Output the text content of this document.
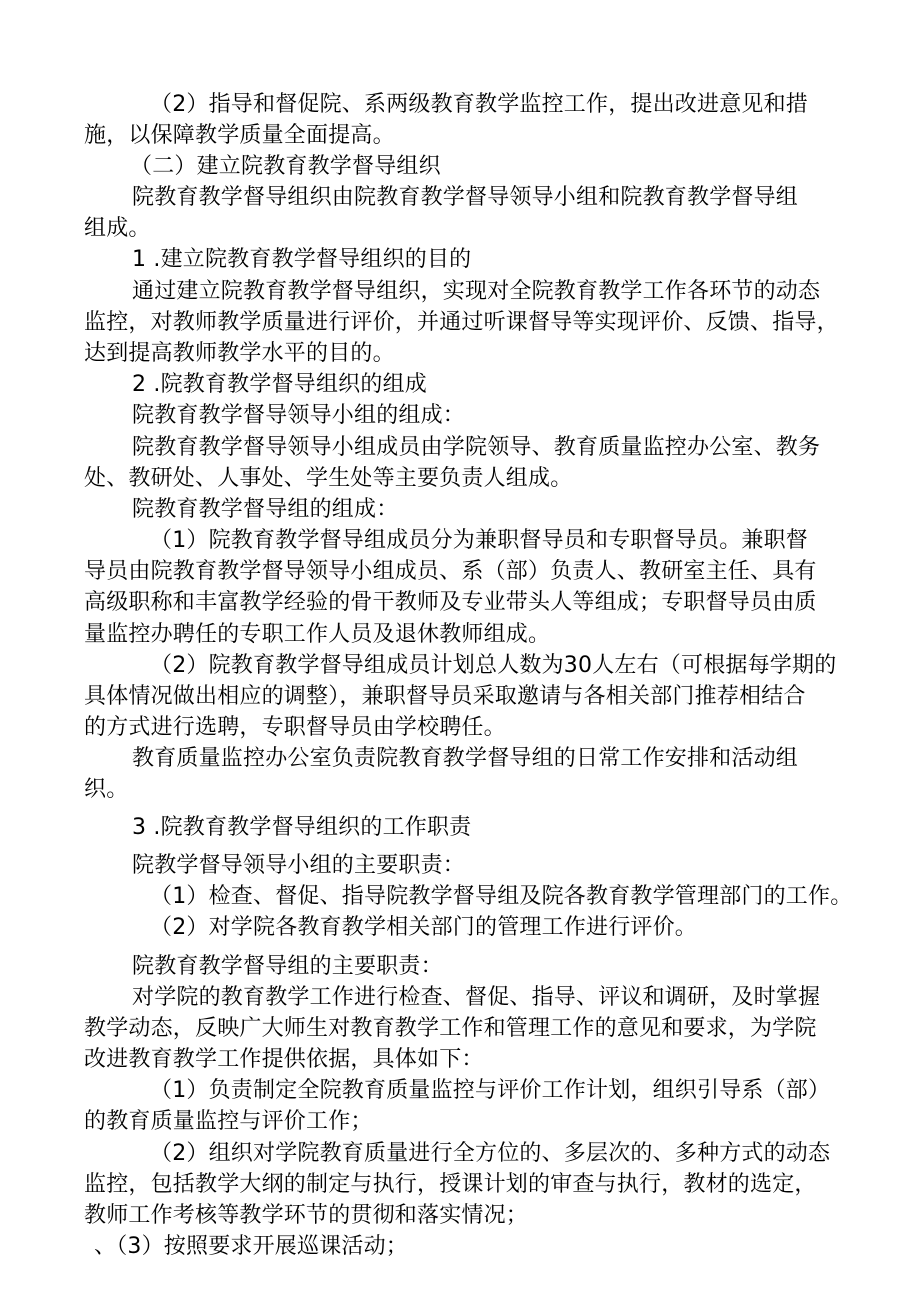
（2）指导和督促院、系两级教育教学监控工作，提出改进意见和措
施，以保障教学质量全面提高。
（二）建立院教育教学督导组织
院教育教学督导组织由院教育教学督导领导小组和院教育教学督导组
组成。
1 .建立院教育教学督导组织的目的
通过建立院教育教学督导组织，实现对全院教育教学工作各环节的动态
监控，对教师教学质量进行评价，并通过听课督导等实现评价、反馈、指导，
达到提高教师教学水平的目的。
2 .院教育教学督导组织的组成
院教育教学督导领导小组的组成：
院教育教学督导领导小组成员由学院领导、教育质量监控办公室、教务
处、教研处、人事处、学生处等主要负责人组成。
院教育教学督导组的组成：
（1）院教育教学督导组成员分为兼职督导员和专职督导员。兼职督
导员由院教育教学督导领导小组成员、系（部）负责人、教研室主任、具有
高级职称和丰富教学经验的骨干教师及专业带头人等组成；专职督导员由质
量监控办聘任的专职工作人员及退休教师组成。
（2）院教育教学督导组成员计划总人数为30人左右（可根据每学期的
具体情况做出相应的调整），兼职督导员采取邀请与各相关部门推荐相结合
的方式进行选聘，专职督导员由学校聘任。
教育质量监控办公室负责院教育教学督导组的日常工作安排和活动组
织。
3 .院教育教学督导组织的工作职责
院教学督导领导小组的主要职责：
（1）检查、督促、指导院教学督导组及院各教育教学管理部门的工作。
（2）对学院各教育教学相关部门的管理工作进行评价。
院教育教学督导组的主要职责：
对学院的教育教学工作进行检查、督促、指导、评议和调研，及时掌握
教学动态，反映广大师生对教育教学工作和管理工作的意见和要求，为学院
改进教育教学工作提供依据，具体如下：
（1）负责制定全院教育质量监控与评价工作计划，组织引导系（部）
的教育质量监控与评价工作；
（2）组织对学院教育质量进行全方位的、多层次的、多种方式的动态
监控，包括教学大纲的制定与执行，授课计划的审查与执行，教材的选定，
教师工作考核等教学环节的贯彻和落实情况；
、（3）按照要求开展巡课活动；
